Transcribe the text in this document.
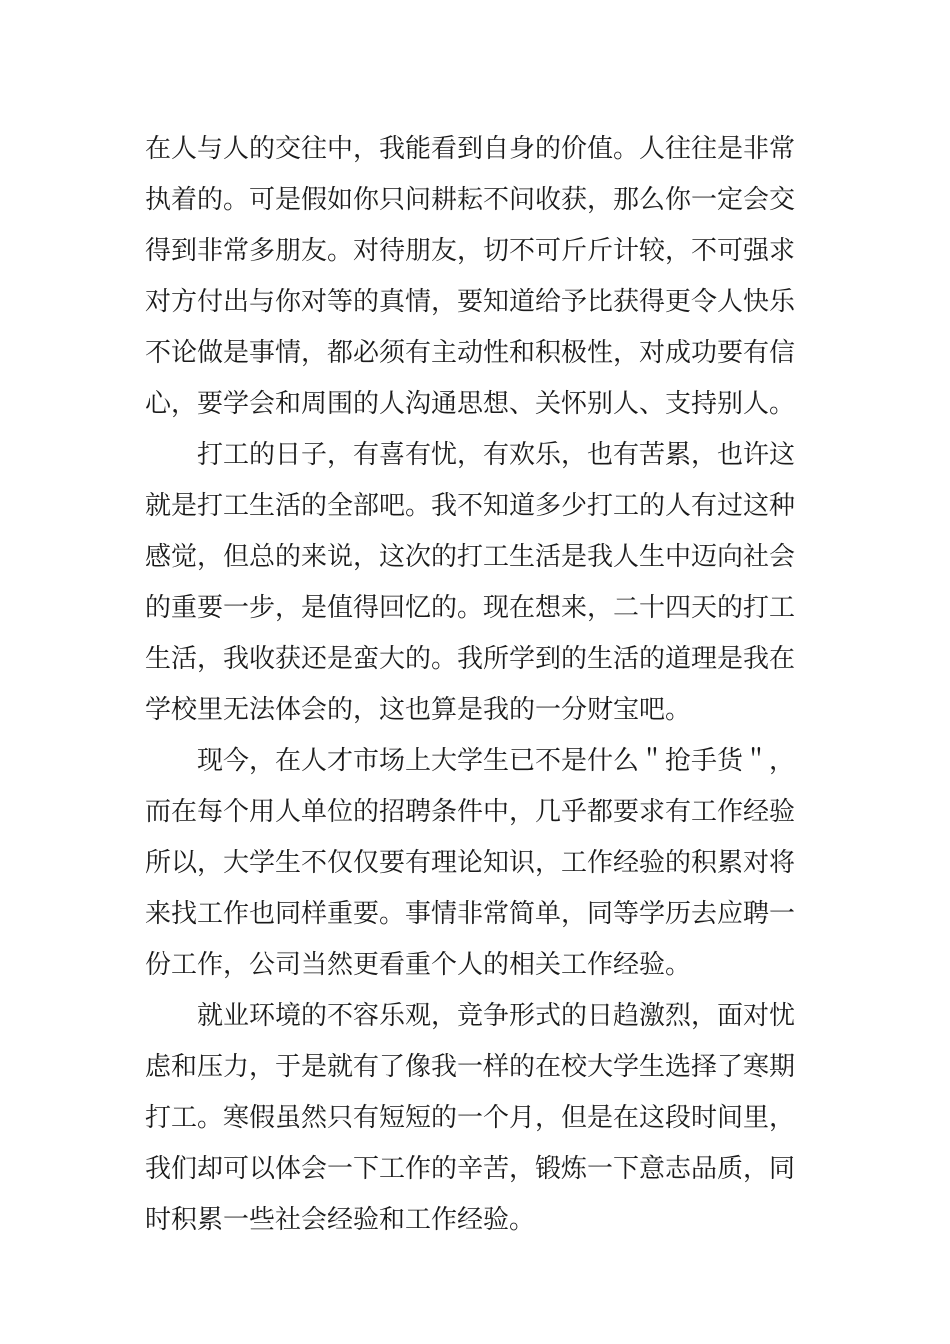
在人与人的交往中，我能看到自身的价值。人往往是非常
执着的。可是假如你只问耕耘不问收获，那么你一定会交
得到非常多朋友。对待朋友，切不可斤斤计较，不可强求
对方付出与你对等的真情，要知道给予比获得更令人快乐
不论做是事情，都必须有主动性和积极性，对成功要有信
心，要学会和周围的人沟通思想、关怀别人、支持别人。
打工的日子，有喜有忧，有欢乐，也有苦累，也许这
就是打工生活的全部吧。我不知道多少打工的人有过这种
感觉，但总的来说，这次的打工生活是我人生中迈向社会
的重要一步，是值得回忆的。现在想来，二十四天的打工
生活，我收获还是蛮大的。我所学到的生活的道理是我在
学校里无法体会的，这也算是我的一分财宝吧。
现今，在人才市场上大学生已不是什么＂抢手货＂，
而在每个用人单位的招聘条件中，几乎都要求有工作经验
所以，大学生不仅仅要有理论知识，工作经验的积累对将
来找工作也同样重要。事情非常简单，同等学历去应聘一
份工作，公司当然更看重个人的相关工作经验。
就业环境的不容乐观，竞争形式的日趋激烈，面对忧
虑和压力，于是就有了像我一样的在校大学生选择了寒期
打工。寒假虽然只有短短的一个月，但是在这段时间里，
我们却可以体会一下工作的辛苦，锻炼一下意志品质，同
时积累一些社会经验和工作经验。
